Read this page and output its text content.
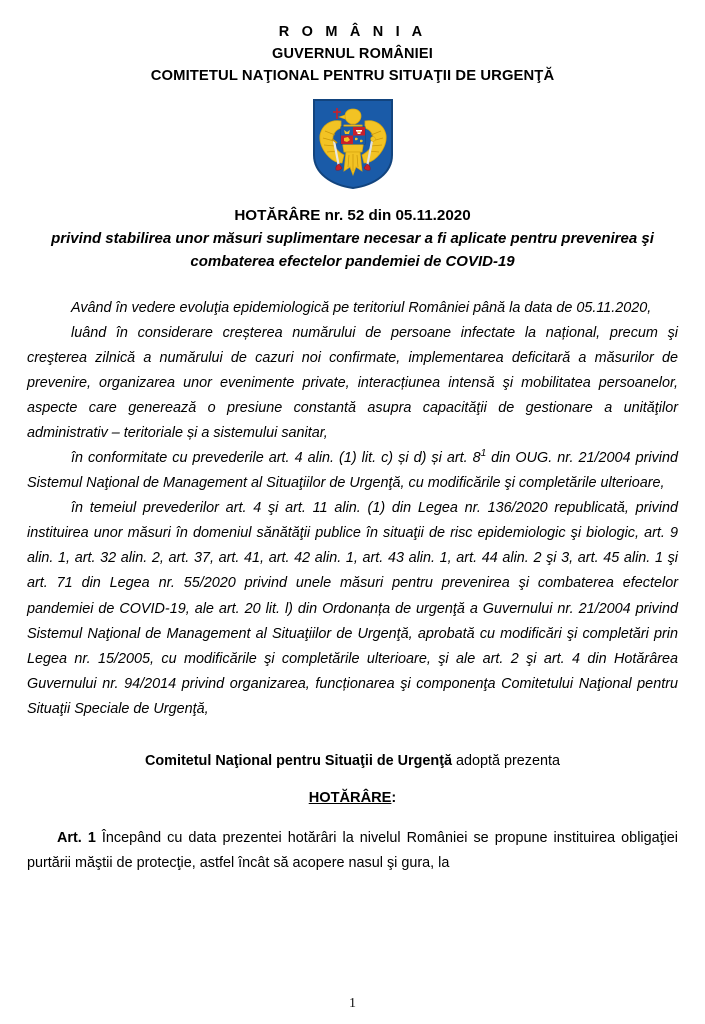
R O M Â N I A
GUVERNUL ROMÂNIEI
COMITETUL NAŢIONAL PENTRU SITUAŢII DE URGENŢĂ
HOTĂRÂRE nr. 52 din 05.11.2020
privind stabilirea unor măsuri suplimentare necesar a fi aplicate pentru prevenirea şi combaterea efectelor pandemiei de COVID-19

Având în vedere evoluţia epidemiologică pe teritoriul României până la data de 05.11.2020,

luând în considerare creșterea numărului de persoane infectate la național, precum şi creşterea zilnică a numărului de cazuri noi confirmate, implementarea deficitară a măsurilor de prevenire, organizarea unor evenimente private, interacțiunea intensă şi mobilitatea persoanelor, aspecte care generează o presiune constantă asupra capacităţii de gestionare a unităţilor administrativ – teritoriale și a sistemului sanitar,

în conformitate cu prevederile art. 4 alin. (1) lit. c) și d) și art. $8^1$ din OUG. nr. 21/2004 privind Sistemul Naţional de Management al Situaţiilor de Urgenţă, cu modificările şi completările ulterioare,

în temeiul prevederilor art. 4 şi art. 11 alin. (1) din Legea nr. 136/2020 republicată, privind instituirea unor măsuri în domeniul sănătăţii publice în situaţii de risc epidemiologic şi biologic, art. 9 alin. 1, art. 32 alin. 2, art. 37, art. 41, art. 42 alin. 1, art. 43 alin. 1, art. 44 alin. 2 şi 3, art. 45 alin. 1 şi art. 71 din Legea nr. 55/2020 privind unele măsuri pentru prevenirea şi combaterea efectelor pandemiei de COVID-19, ale art. 20 lit. l) din Ordonanța de urgenţă a Guvernului nr. 21/2004 privind Sistemul Naţional de Management al Situaţiilor de Urgenţă, aprobată cu modificări şi completări prin Legea nr. 15/2005, cu modificările şi completările ulterioare, şi ale art. 2 şi art. 4 din Hotărârea Guvernului nr. 94/2014 privind organizarea, funcționarea şi componenţa Comitetului Naţional pentru Situaţii Speciale de Urgenţă,

Comitetul Naţional pentru Situaţii de Urgenţă adoptă prezenta
HOTĂRÂRE:

Art. 1 Începând cu data prezentei hotărâri la nivelul României se propune instituirea obligaţiei purtării măştii de protecţie, astfel încât să acopere nasul şi gura, la

1
